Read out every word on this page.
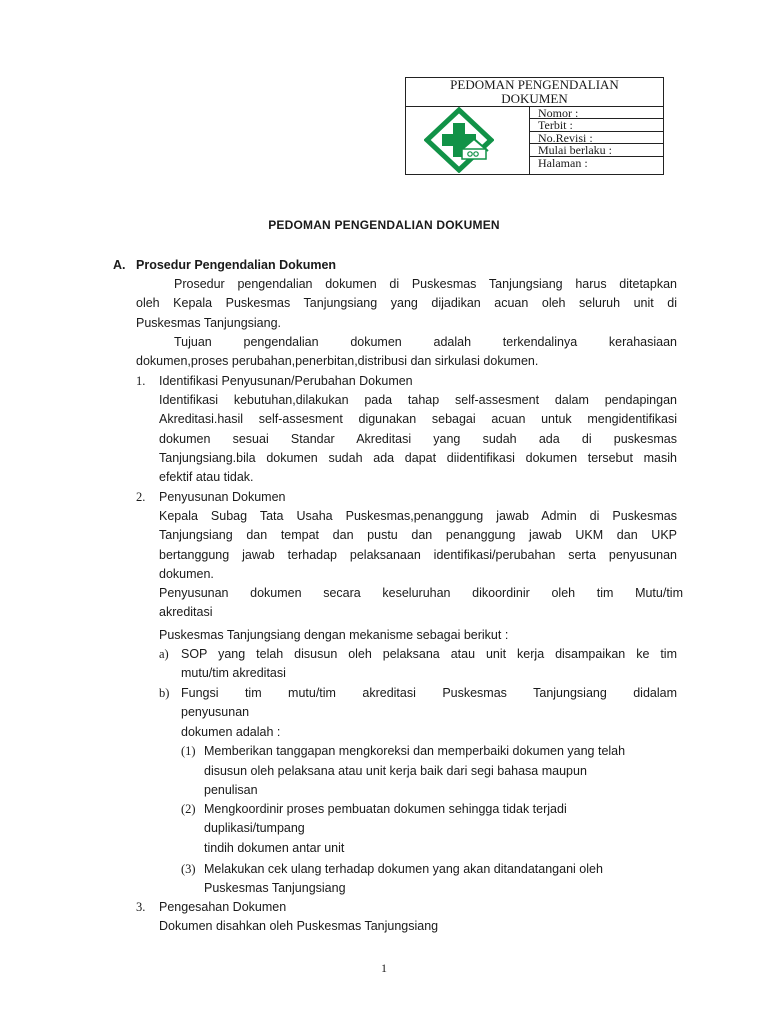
PEDOMAN PENGENDALIAN
DOKUMEN
Nomor :
Terbit :
No.Revisi :
Mulai berlaku :
Halaman :
PEDOMAN PENGENDALIAN DOKUMEN
A. Prosedur Pengendalian Dokumen
Prosedur pengendalian dokumen di Puskesmas Tanjungsiang harus ditetapkan
oleh Kepala Puskesmas Tanjungsiang yang dijadikan acuan oleh seluruh unit di
Puskesmas Tanjungsiang.
Tujuan pengendalian dokumen adalah terkendalinya kerahasiaan
dokumen,proses perubahan,penerbitan,distribusi dan sirkulasi dokumen.
1. Identifikasi Penyusunan/Perubahan Dokumen
Identifikasi kebutuhan,dilakukan pada tahap self-assesment dalam pendapingan
Akreditasi.hasil self-assesment digunakan sebagai acuan untuk mengidentifikasi
dokumen sesuai Standar Akreditasi yang sudah ada di puskesmas
Tanjungsiang.bila dokumen sudah ada dapat diidentifikasi dokumen tersebut masih
efektif atau tidak.
2. Penyusunan Dokumen
Kepala Subag Tata Usaha Puskesmas,penanggung jawab Admin di Puskesmas
Tanjungsiang dan tempat dan pustu dan penanggung jawab UKM dan UKP
bertanggung jawab terhadap pelaksanaan identifikasi/perubahan serta penyusunan
dokumen.
Penyusunan dokumen secara keseluruhan dikoordinir oleh tim Mutu/tim
akreditasi
Puskesmas Tanjungsiang dengan mekanisme sebagai berikut :
a) SOP yang telah disusun oleh pelaksana atau unit kerja disampaikan ke tim
mutu/tim akreditasi
b) Fungsi tim mutu/tim akreditasi Puskesmas Tanjungsiang didalam
penyusunan
dokumen adalah :
(1) Memberikan tanggapan mengkoreksi dan memperbaiki dokumen yang telah
disusun oleh pelaksana atau unit kerja baik dari segi bahasa maupun
penulisan
(2) Mengkoordinir proses pembuatan dokumen sehingga tidak terjadi
duplikasi/tumpang
tindih dokumen antar unit
(3) Melakukan cek ulang terhadap dokumen yang akan ditandatangani oleh
Puskesmas Tanjungsiang
3. Pengesahan Dokumen
Dokumen disahkan oleh Puskesmas Tanjungsiang
1
